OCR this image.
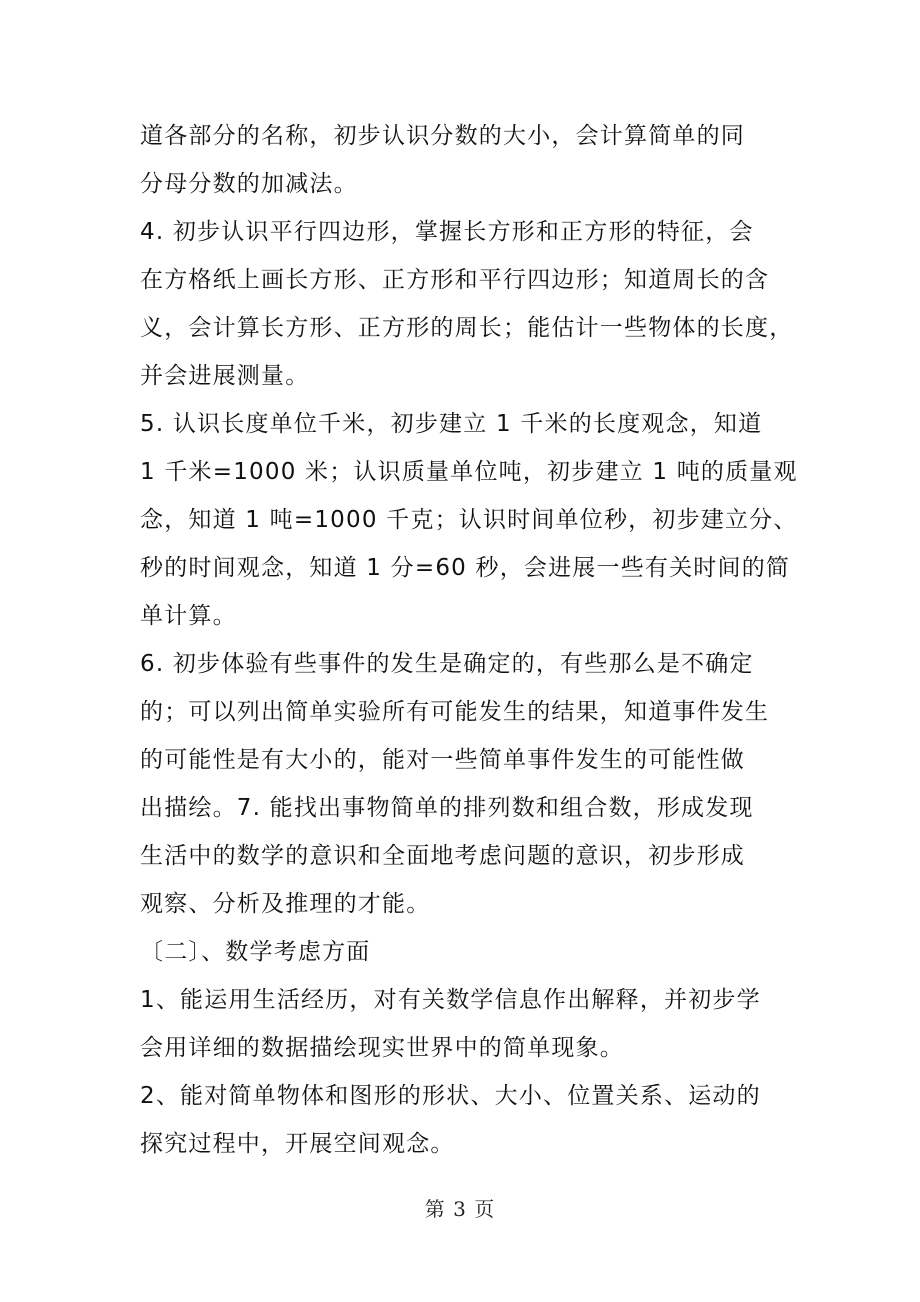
道各部分的名称，初步认识分数的大小，会计算简单的同
分母分数的加减法。
4. 初步认识平行四边形，掌握长方形和正方形的特征，会
在方格纸上画长方形、正方形和平行四边形；知道周长的含
义，会计算长方形、正方形的周长；能估计一些物体的长度，
并会进展测量。
5. 认识长度单位千米，初步建立 1 千米的长度观念，知道
1 千米=1000 米；认识质量单位吨，初步建立 1 吨的质量观
念，知道 1 吨=1000 千克；认识时间单位秒，初步建立分、
秒的时间观念，知道 1 分=60 秒，会进展一些有关时间的简
单计算。
6. 初步体验有些事件的发生是确定的，有些那么是不确定
的；可以列出简单实验所有可能发生的结果，知道事件发生
的可能性是有大小的，能对一些简单事件发生的可能性做
出描绘。7. 能找出事物简单的排列数和组合数，形成发现
生活中的数学的意识和全面地考虑问题的意识，初步形成
观察、分析及推理的才能。
〔二〕、数学考虑方面
1、能运用生活经历，对有关数学信息作出解释，并初步学
会用详细的数据描绘现实世界中的简单现象。
2、能对简单物体和图形的形状、大小、位置关系、运动的
探究过程中，开展空间观念。
第 3 页
